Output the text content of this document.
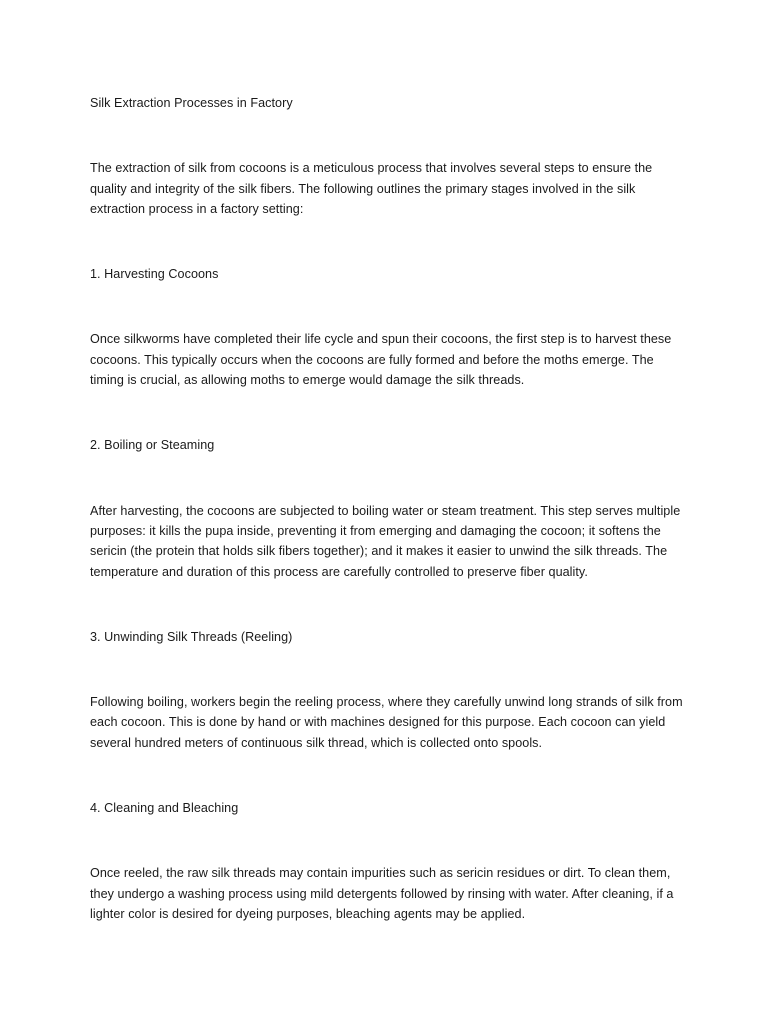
Silk Extraction Processes in Factory

The extraction of silk from cocoons is a meticulous process that involves several steps to ensure the quality and integrity of the silk fibers. The following outlines the primary stages involved in the silk extraction process in a factory setting:

1. Harvesting Cocoons

Once silkworms have completed their life cycle and spun their cocoons, the first step is to harvest these cocoons. This typically occurs when the cocoons are fully formed and before the moths emerge. The timing is crucial, as allowing moths to emerge would damage the silk threads.

2. Boiling or Steaming

After harvesting, the cocoons are subjected to boiling water or steam treatment. This step serves multiple purposes: it kills the pupa inside, preventing it from emerging and damaging the cocoon; it softens the sericin (the protein that holds silk fibers together); and it makes it easier to unwind the silk threads. The temperature and duration of this process are carefully controlled to preserve fiber quality.

3. Unwinding Silk Threads (Reeling)

Following boiling, workers begin the reeling process, where they carefully unwind long strands of silk from each cocoon. This is done by hand or with machines designed for this purpose. Each cocoon can yield several hundred meters of continuous silk thread, which is collected onto spools.

4. Cleaning and Bleaching

Once reeled, the raw silk threads may contain impurities such as sericin residues or dirt. To clean them, they undergo a washing process using mild detergents followed by rinsing with water. After cleaning, if a lighter color is desired for dyeing purposes, bleaching agents may be applied.
